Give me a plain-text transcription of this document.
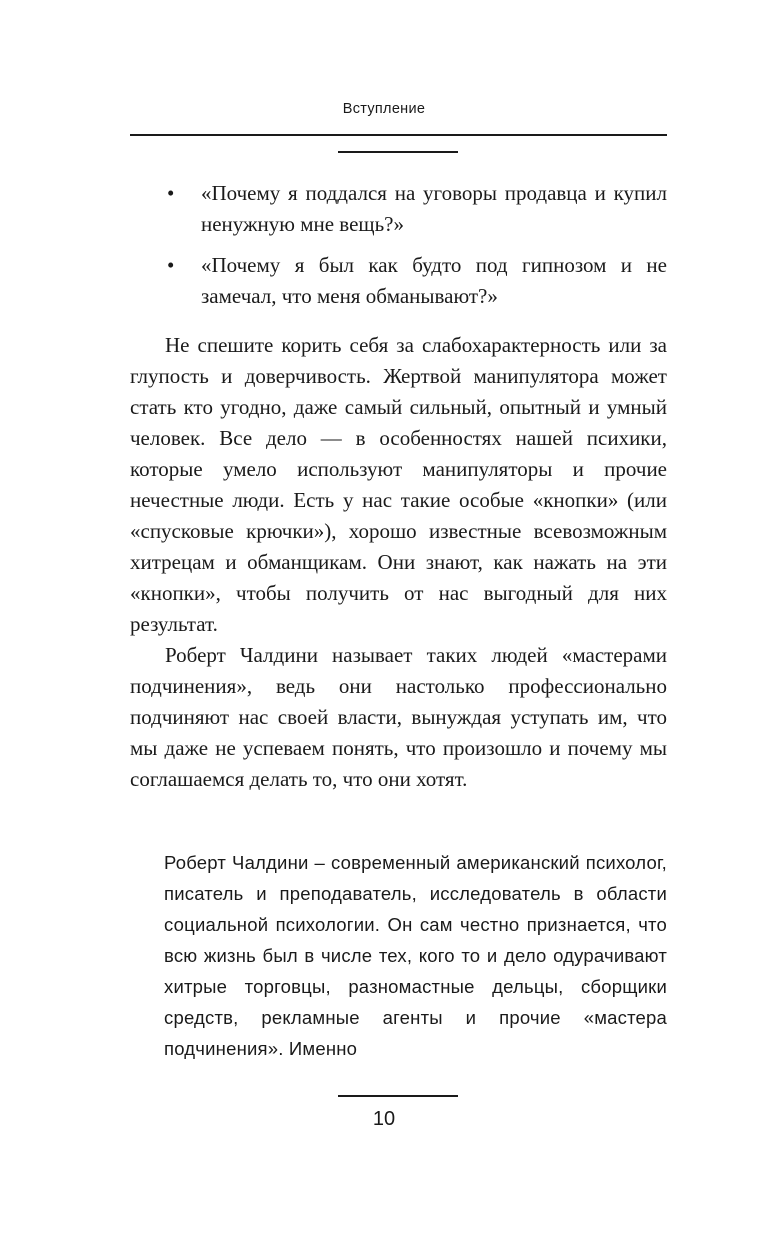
Вступление
• «Почему я поддался на уговоры продавца и купил ненужную мне вещь?»
• «Почему я был как будто под гипнозом и не замечал, что меня обманывают?»

Не спешите корить себя за слабохарактерность или за глупость и доверчивость. Жертвой манипулятора может стать кто угодно, даже самый сильный, опытный и умный человек. Все дело — в особенностях нашей психики, которые умело используют манипуляторы и прочие нечестные люди. Есть у нас такие особые «кнопки» (или «спусковые крючки»), хорошо известные всевозможным хитрецам и обманщикам. Они знают, как нажать на эти «кнопки», чтобы получить от нас выгодный для них результат.

Роберт Чалдини называет таких людей «мастерами подчинения», ведь они настолько профессионально подчиняют нас своей власти, вынуждая уступать им, что мы даже не успеваем понять, что произошло и почему мы соглашаемся делать то, что они хотят.

Роберт Чалдини – современный американский психолог, писатель и преподаватель, исследователь в области социальной психологии. Он сам честно признается, что всю жизнь был в числе тех, кого то и дело одурачивают хитрые торговцы, разномастные дельцы, сборщики средств, рекламные агенты и прочие «мастера подчинения». Именно
10
